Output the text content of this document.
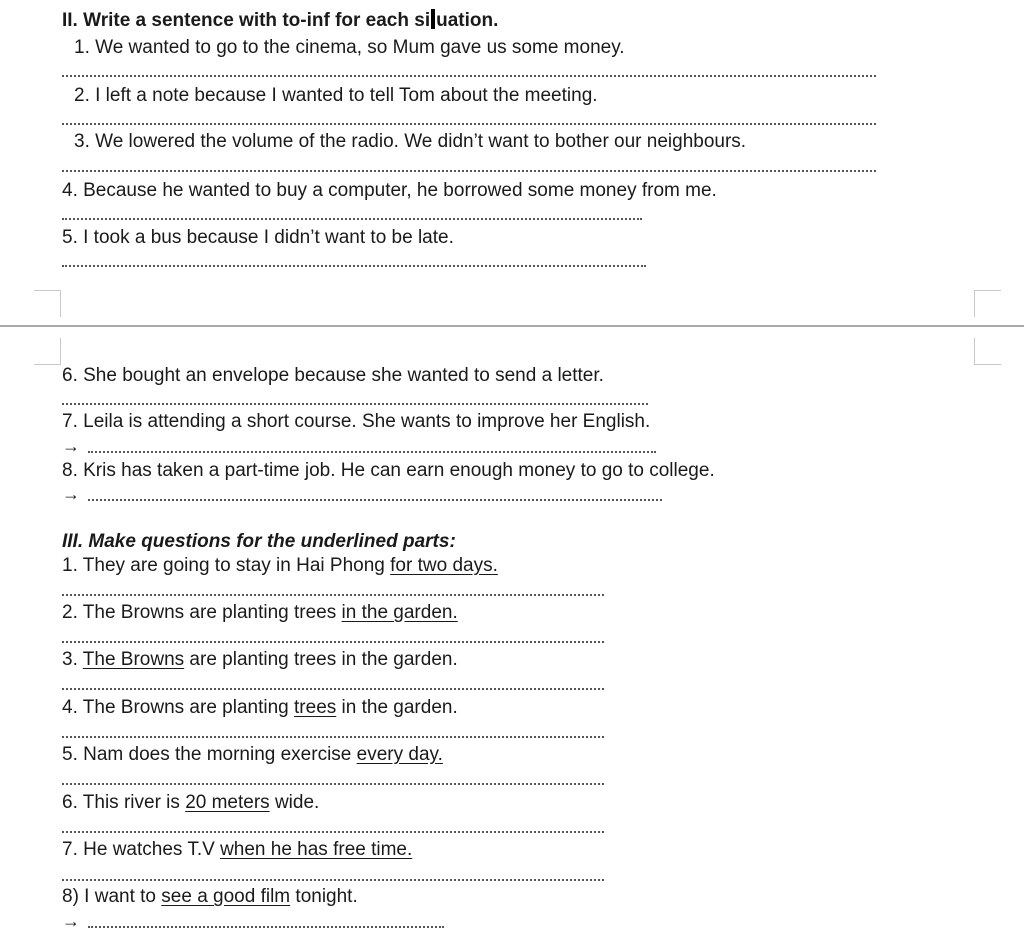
II. Write a sentence with to-inf for each si uation.
1. We wanted to go to the cinema, so Mum gave us some money.
2. I left a note because I wanted to tell Tom about the meeting.
3. We lowered the volume of the radio. We didn’t want to bother our neighbours.
4. Because he wanted to buy a computer, he borrowed some money from me.
5. I took a bus because I didn’t want to be late.
6. She bought an envelope because she wanted to send a letter.
7. Leila is attending a short course. She wants to improve her English.
→
8. Kris has taken a part-time job. He can earn enough money to go to college.
→
III. Make questions for the underlined parts:
1. They are going to stay in Hai Phong for two days.
2. The Browns are planting trees in the garden.
3. The Browns are planting trees in the garden.
4. The Browns are planting trees in the garden.
5. Nam does the morning exercise every day.
6. This river is 20 meters wide.
7. He watches T.V when he has free time.
8) I want to see a good film tonight.
→
